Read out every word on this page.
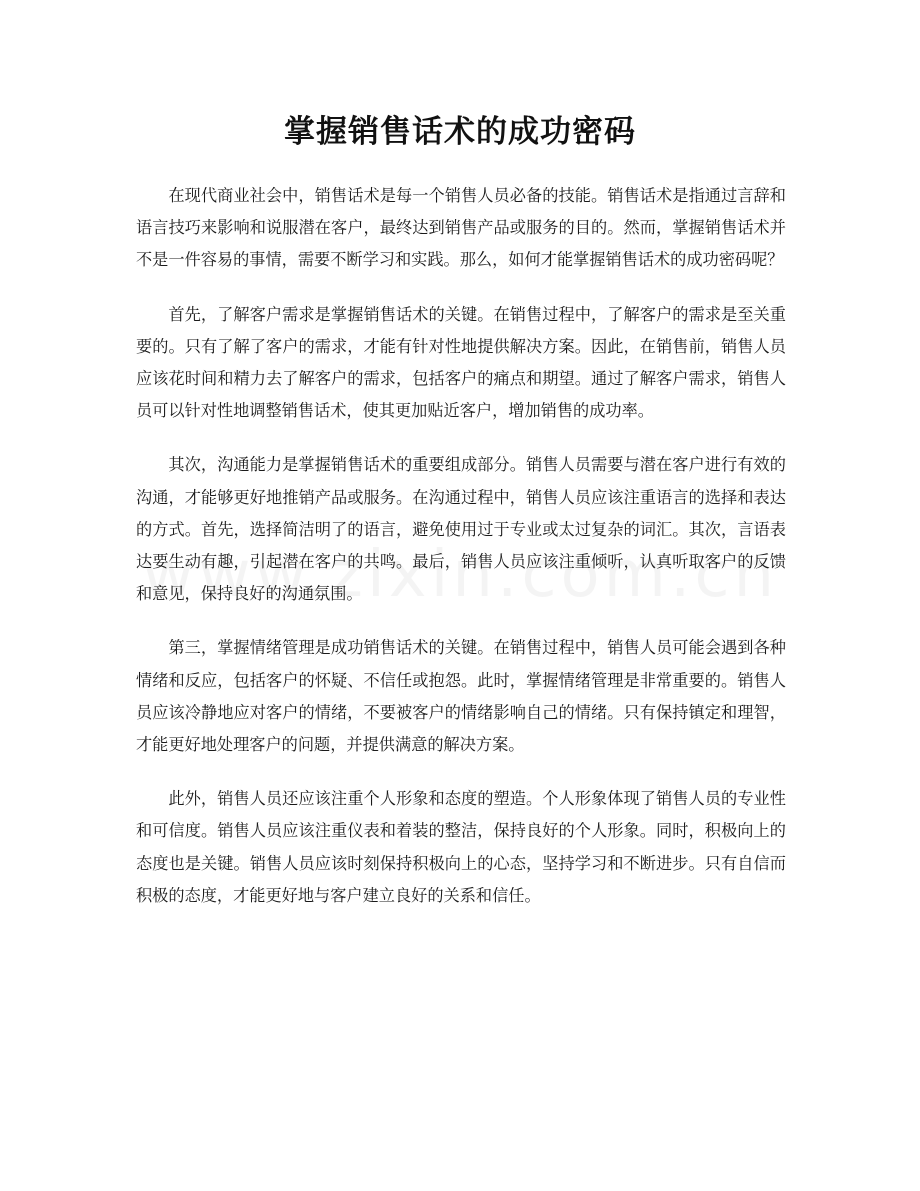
掌握销售话术的成功密码

在现代商业社会中，销售话术是每一个销售人员必备的技能。销售话术是指通过言辞和语言技巧来影响和说服潜在客户，最终达到销售产品或服务的目的。然而，掌握销售话术并不是一件容易的事情，需要不断学习和实践。那么，如何才能掌握销售话术的成功密码呢？

首先，了解客户需求是掌握销售话术的关键。在销售过程中，了解客户的需求是至关重要的。只有了解了客户的需求，才能有针对性地提供解决方案。因此，在销售前，销售人员应该花时间和精力去了解客户的需求，包括客户的痛点和期望。通过了解客户需求，销售人员可以针对性地调整销售话术，使其更加贴近客户，增加销售的成功率。

其次，沟通能力是掌握销售话术的重要组成部分。销售人员需要与潜在客户进行有效的沟通，才能够更好地推销产品或服务。在沟通过程中，销售人员应该注重语言的选择和表达的方式。首先，选择简洁明了的语言，避免使用过于专业或太过复杂的词汇。其次，言语表达要生动有趣，引起潜在客户的共鸣。最后，销售人员应该注重倾听，认真听取客户的反馈和意见，保持良好的沟通氛围。

第三，掌握情绪管理是成功销售话术的关键。在销售过程中，销售人员可能会遇到各种情绪和反应，包括客户的怀疑、不信任或抱怨。此时，掌握情绪管理是非常重要的。销售人员应该冷静地应对客户的情绪，不要被客户的情绪影响自己的情绪。只有保持镇定和理智，才能更好地处理客户的问题，并提供满意的解决方案。

此外，销售人员还应该注重个人形象和态度的塑造。个人形象体现了销售人员的专业性和可信度。销售人员应该注重仪表和着装的整洁，保持良好的个人形象。同时，积极向上的态度也是关键。销售人员应该时刻保持积极向上的心态，坚持学习和不断进步。只有自信而积极的态度，才能更好地与客户建立良好的关系和信任。
